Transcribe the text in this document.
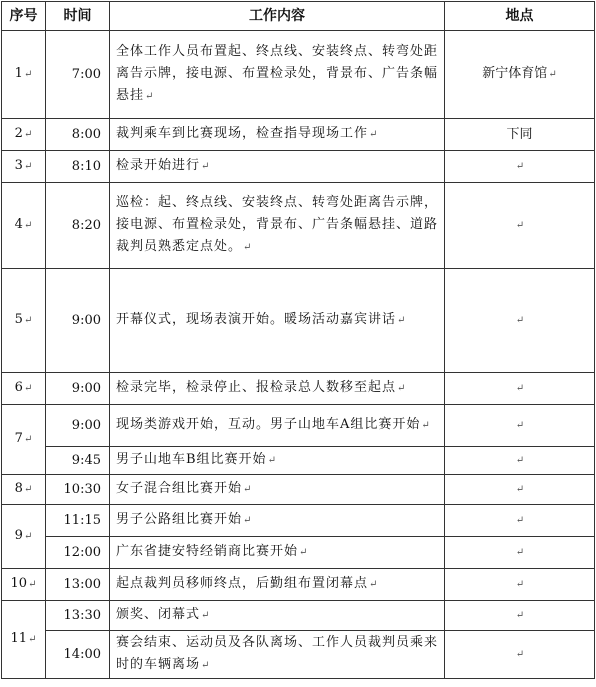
序号	时间	工作内容	地点
1↵	7:00	全体工作人员布置起、终点线、安装终点、转弯处距离告示牌，接电源、布置检录处，背景布、广告条幅悬挂↵	新宁体育馆↵
2↵	8:00	裁判乘车到比赛现场，检查指导现场工作↵	下同
3↵	8:10	检录开始进行↵	↵
4↵	8:20	巡检：起、终点线、安装终点、转弯处距离告示牌，接电源、布置检录处，背景布、广告条幅悬挂、道路裁判员熟悉定点处。↵	↵
5↵	9:00	开幕仪式，现场表演开始。暖场活动嘉宾讲话↵	↵
6↵	9:00	检录完毕，检录停止、报检录总人数移至起点↵	↵
7↵	9:00	现场类游戏开始，互动。男子山地车A组比赛开始↵	↵
	9:45	男子山地车B组比赛开始↵	↵
8↵	10:30	女子混合组比赛开始↵	↵
9↵	11:15	男子公路组比赛开始↵	↵
	12:00	广东省捷安特经销商比赛开始↵	↵
10↵	13:00	起点裁判员移师终点，后勤组布置闭幕点↵	↵
11↵	13:30	颁奖、闭幕式↵	↵
	14:00	赛会结束、运动员及各队离场、工作人员裁判员乘来时的车辆离场↵	↵
